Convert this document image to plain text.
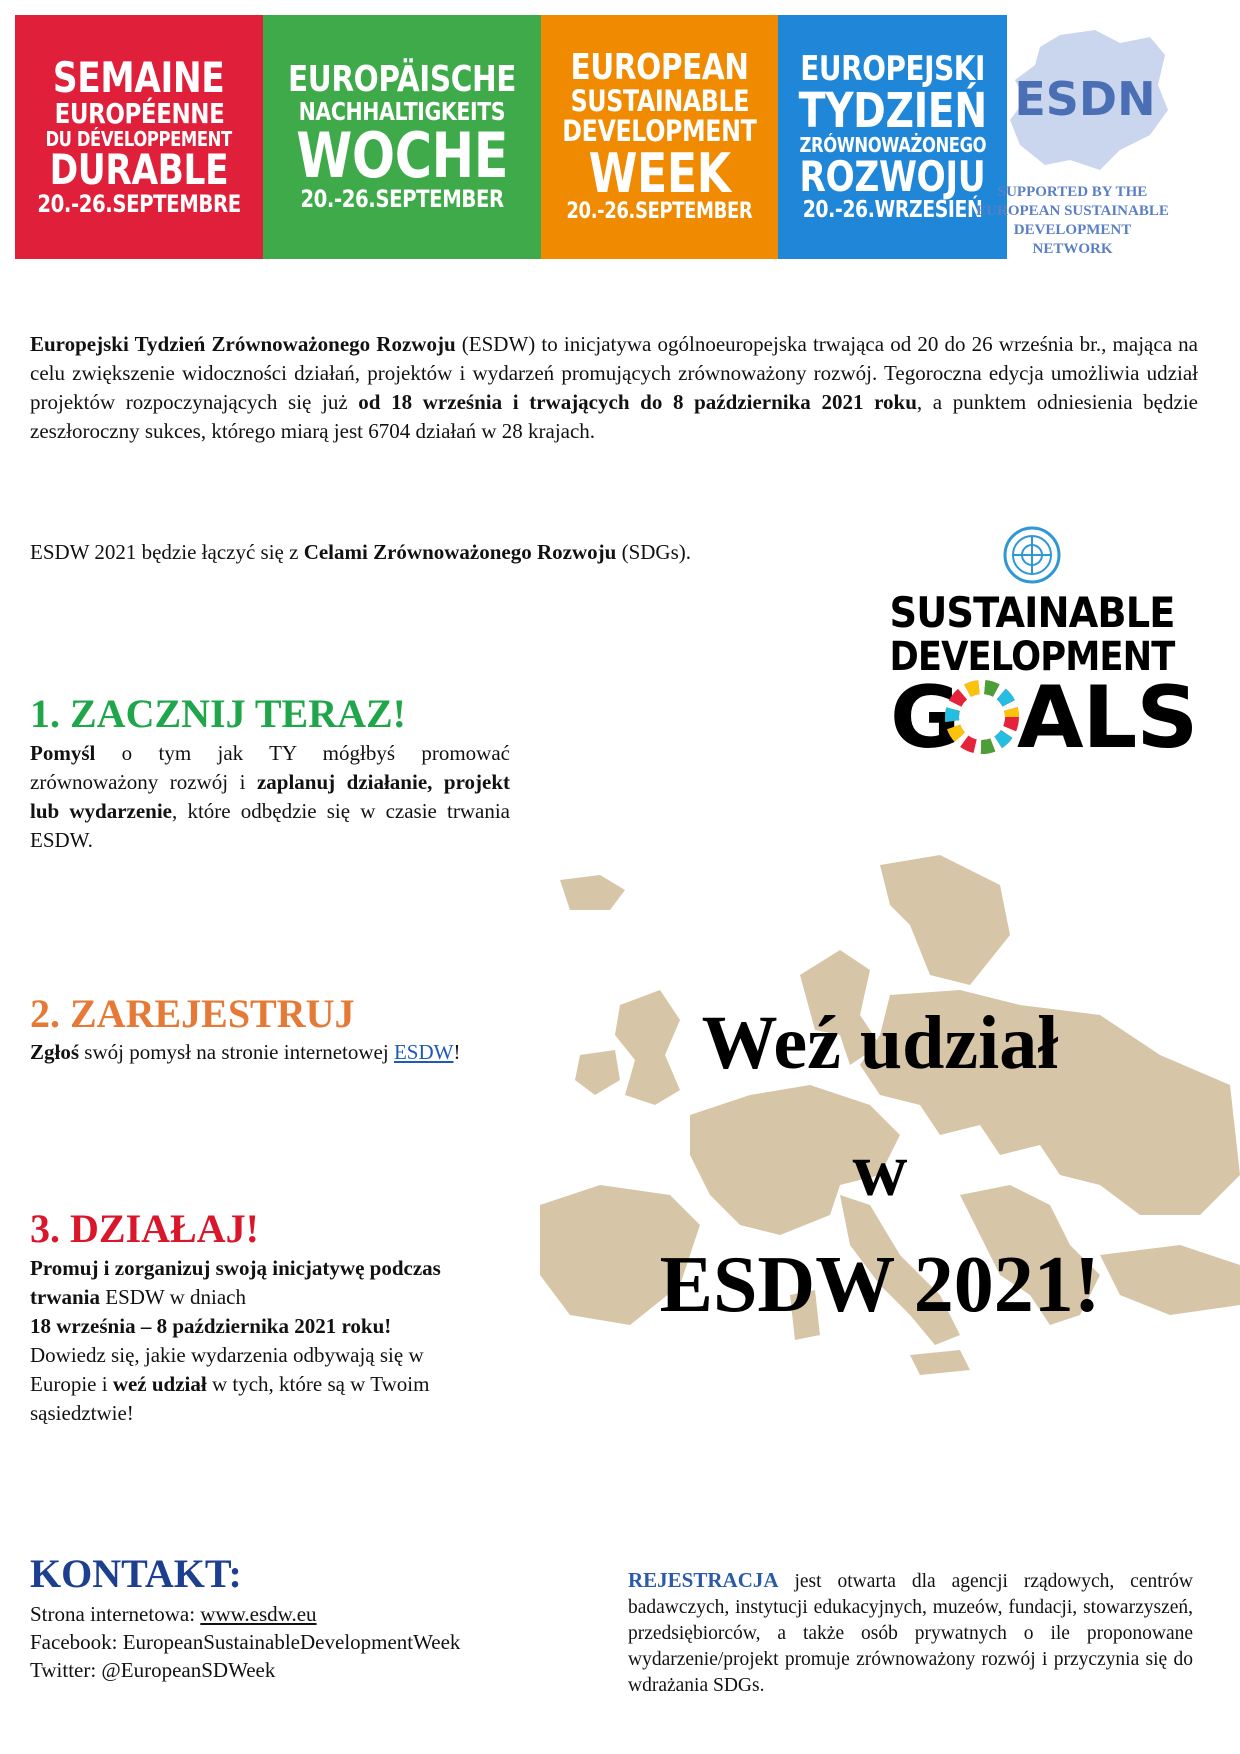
SEMAINE
EUROPÉENNE
DU DÉVELOPPEMENT
DURABLE
20.-26.SEPTEMBRE
EUROPÄISCHE
NACHHALTIGKEITS
WOCHE
20.-26.SEPTEMBER
EUROPEAN
SUSTAINABLE
DEVELOPMENT
WEEK
20.-26.SEPTEMBER
EUROPEJSKI
TYDZIEŃ
ZRÓWNOWAŻONEGO
ROZWOJU
20.-26.WRZESIEŃ
ESDN
SUPPORTED BY THE
EUROPEAN SUSTAINABLE
DEVELOPMENT
NETWORK

Europejski Tydzień Zrównoważonego Rozwoju (ESDW) to inicjatywa ogólnoeuropejska trwająca od 20 do 26 września br., mająca na celu zwiększenie widoczności działań, projektów i wydarzeń promujących zrównoważony rozwój. Tegoroczna edycja umożliwia udział projektów rozpoczynających się już od 18 września i trwających do 8 października 2021 roku, a punktem odniesienia będzie zeszłoroczny sukces, którego miarą jest 6704 działań w 28 krajach.

ESDW 2021 będzie łączyć się z Celami Zrównoważonego Rozwoju (SDGs).

SUSTAINABLE
DEVELOPMENT
G ALS
1. ZACZNIJ TERAZ!

Pomyśl o tym jak TY mógłbyś promować zrównoważony rozwój i zaplanuj działanie, projekt lub wydarzenie, które odbędzie się w czasie trwania ESDW.

2. ZAREJESTRUJ

Zgłoś swój pomysł na stronie internetowej ESDW!

3. DZIAŁAJ!

Promuj i zorganizuj swoją inicjatywę podczas trwania ESDW w dniach
18 września – 8 października 2021 roku!
Dowiedz się, jakie wydarzenia odbywają się w Europie i weź udział w tych, które są w Twoim sąsiedztwie!

Weź udział

w

ESDW 2021!

KONTAKT:

Strona internetowa: www.esdw.eu

Facebook: EuropeanSustainableDevelopmentWeek

Twitter: @EuropeanSDWeek

REJESTRACJA jest otwarta dla agencji rządowych, centrów badawczych, instytucji edukacyjnych, muzeów, fundacji, stowarzyszeń, przedsiębiorców, a także osób prywatnych o ile proponowane wydarzenie/projekt promuje zrównoważony rozwój i przyczynia się do wdrażania SDGs.
